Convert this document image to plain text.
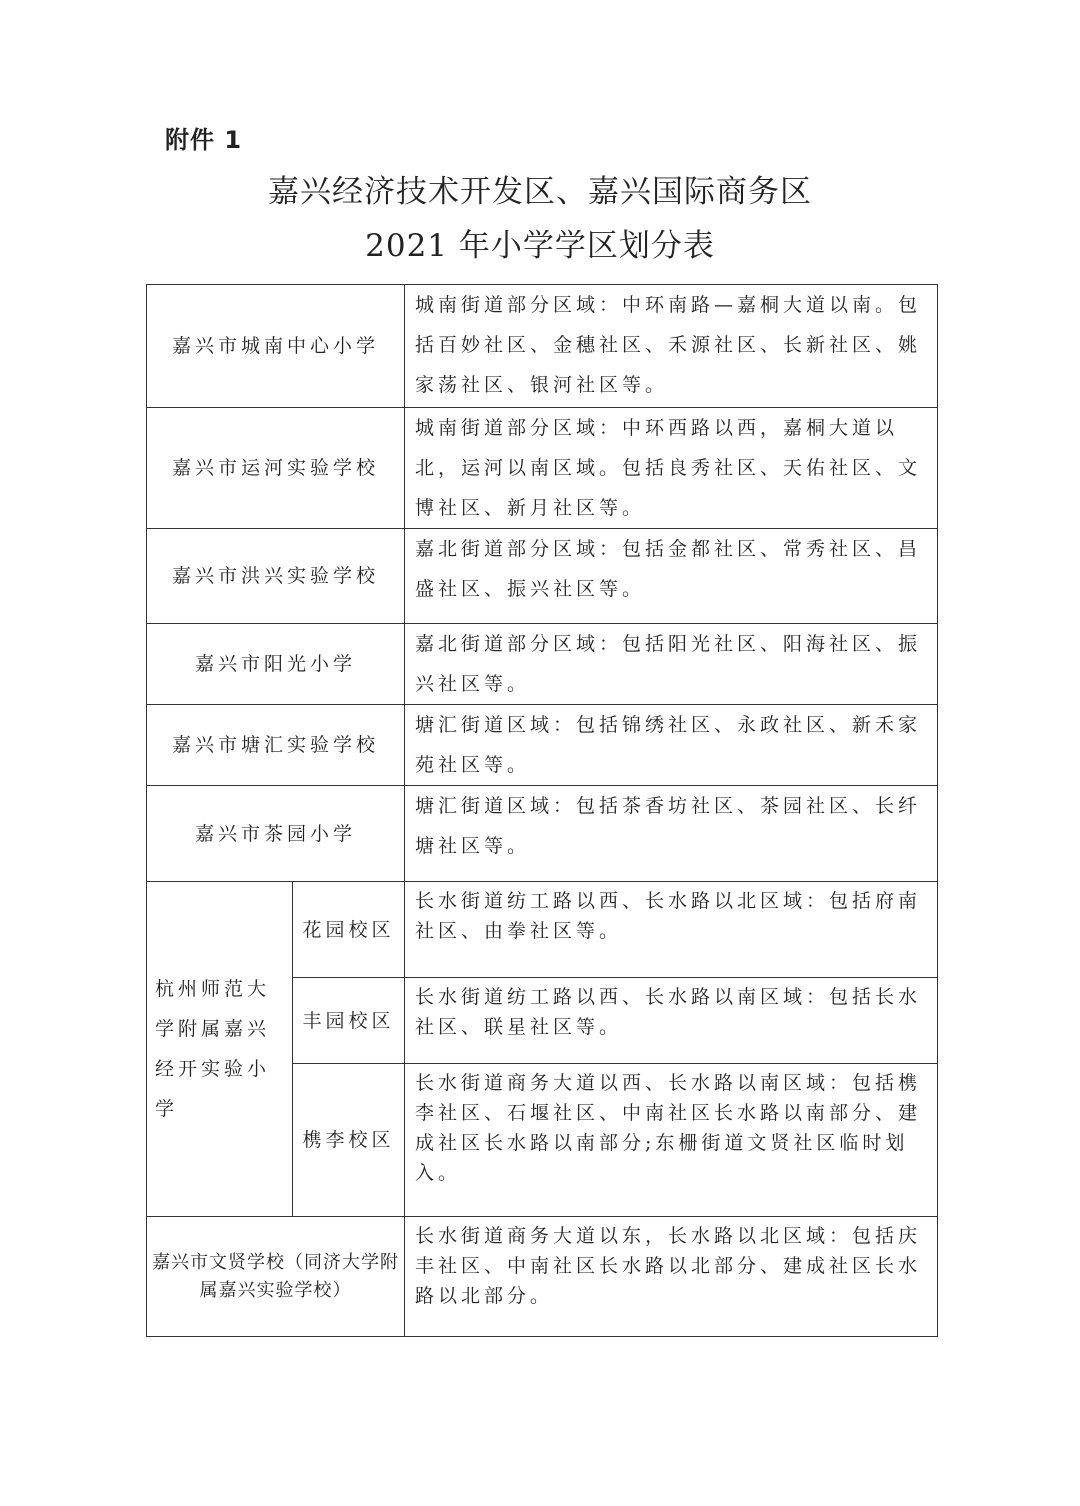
附件 1
嘉兴经济技术开发区、嘉兴国际商务区
2021 年小学学区划分表
嘉兴市城南中心小学		城南街道部分区域：中环南路—嘉桐大道以南。包括百妙社区、金穗社区、禾源社区、长新社区、姚家荡社区、银河社区等。
嘉兴市运河实验学校		城南街道部分区域：中环西路以西，嘉桐大道以北，运河以南区域。包括良秀社区、天佑社区、文博社区、新月社区等。
嘉兴市洪兴实验学校		嘉北街道部分区域：包括金都社区、常秀社区、昌盛社区、振兴社区等。
嘉兴市阳光小学		嘉北街道部分区域：包括阳光社区、阳海社区、振兴社区等。
嘉兴市塘汇实验学校		塘汇街道区域：包括锦绣社区、永政社区、新禾家苑社区等。
嘉兴市茶园小学		塘汇街道区域：包括茶香坊社区、茶园社区、长纤塘社区等。
杭州师范大学附属嘉兴经开实验小学	花园校区	长水街道纺工路以西、长水路以北区域：包括府南社区、由拳社区等。
	丰园校区	长水街道纺工路以西、长水路以南区域：包括长水社区、联星社区等。
	槜李校区	长水街道商务大道以西、长水路以南区域：包括槜李社区、石堰社区、中南社区长水路以南部分、建成社区长水路以南部分;东栅街道文贤社区临时划入。
嘉兴市文贤学校（同济大学附属嘉兴实验学校）		长水街道商务大道以东，长水路以北区域：包括庆丰社区、中南社区长水路以北部分、建成社区长水路以北部分。
